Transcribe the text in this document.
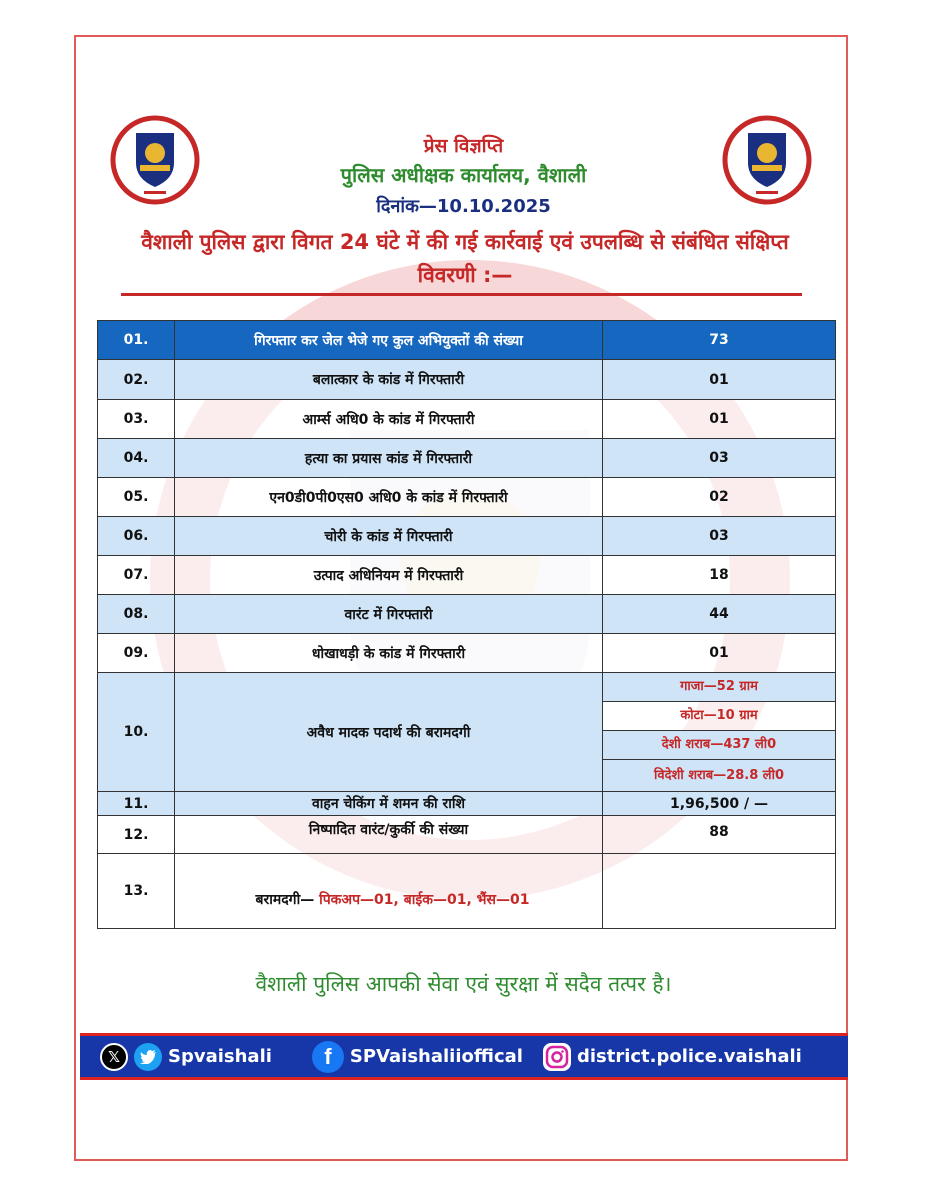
प्रेस विज्ञप्ति
पुलिस अधीक्षक कार्यालय, वैशाली
दिनांक—10.10.2025
वैशाली पुलिस द्वारा विगत 24 घंटे में की गई कार्रवाई एवं उपलब्धि से संबंधित संक्षिप्त विवरणी :—
01.	गिरफ्तार कर जेल भेजे गए कुल अभियुक्तों की संख्या	73
02.	बलात्कार के कांड में गिरफ्तारी	01
03.	आर्म्स अधि0 के कांड में गिरफ्तारी	01
04.	हत्या का प्रयास कांड में गिरफ्तारी	03
05.	एन0डी0पी0एस0 अधि0 के कांड में गिरफ्तारी	02
06.	चोरी के कांड में गिरफ्तारी	03
07.	उत्पाद अधिनियम में गिरफ्तारी	18
08.	वारंट में गिरफ्तारी	44
09.	धोखाधड़ी के कांड में गिरफ्तारी	01
10.	अवैध मादक पदार्थ की बरामदगी	गाजा—52 ग्राम
कोटा—10 ग्राम
देशी शराब—437 ली0
विदेशी शराब—28.8 ली0

11.	वाहन चेकिंग में शमन की राशि	1,96,500 / —
12.	निष्पादित वारंट/कुर्की की संख्या	88
13.	बरामदगी— पिकअप—01, बाईक—01, भैंस—01	
वैशाली पुलिस आपकी सेवा एवं सुरक्षा में सदैव तत्पर है।
𝕏	Spvaishali	f	SPVaishaliioffical	district.police.vaishali
